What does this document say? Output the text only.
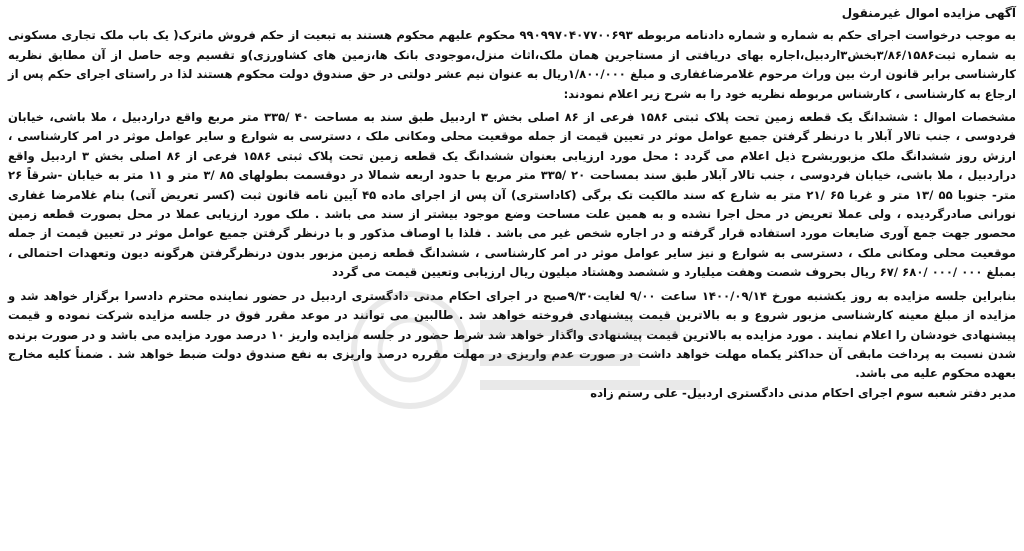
آگهی مزایده اموال غیرمنقول

به موجب درخواست اجرای حکم به شماره و شماره دادنامه مربوطه ۹۹۰۹۹۷۰۴۰۷۷۰۰۶۹۳ محکوم علیهم محکوم هستند به تبعیت از حکم فروش ماترک( یک باب ملک تجاری مسکونی به شماره ثبت۳/۸۶/۱۵۸۶بخش۳اردبیل،اجاره بهای دریافتی از مستاجرین همان ملک،اثاث منزل،موجودی بانک ها،زمین های کشاورزی)و تقسیم وجه حاصل از آن مطابق نظریه کارشناسی برابر قانون ارث بین وراث مرحوم غلامرضاغفاری و مبلغ ۱/۸۰۰/۰۰۰ریال به عنوان نیم عشر دولتی در حق صندوق دولت محکوم هستند لذا در راستای اجرای حکم پس از ارجاع به کارشناسی ، کارشناس مربوطه نظریه خود را به شرح زیر اعلام نمودند:

مشخصات اموال : ششدانگ یک قطعه زمین تحت پلاک ثبتی ۱۵۸۶ فرعی از ۸۶ اصلی بخش ۳ اردبیل طبق سند به مساحت ۴۰ /۳۳۵ متر مربع واقع دراردبیل ، ملا باشی، خیابان فردوسی ، جنب تالار آبلار با درنظر گرفتن جمیع عوامل موثر در تعیین قیمت از جمله موقعیت محلی ومکانی ملک ، دسترسی به شوارع و سایر عوامل موثر در امر کارشناسی ، ارزش روز ششدانگ ملک مزبوربشرح ذیل اعلام می گردد : محل مورد ارزیابی بعنوان ششدانگ یک قطعه زمین تحت پلاک ثبتی ۱۵۸۶ فرعی از ۸۶ اصلی بخش ۳ اردبیل واقع دراردبیل ، ملا باشی، خیابان فردوسی ، جنب تالار آبلار طبق سند بمساحت ۲۰ /۳۳۵ متر مربع با حدود اربعه شمالا در دوقسمت بطولهای ۸۵ /۳ متر و ۱۱ متر به خیابان -شرقاً ۲۶ متر- جنوبا ۵۵ /۱۳ متر و غربا ۶۵ /۲۱ متر به شارع که سند مالکیت تک برگی (کاداستری) آن پس از اجرای ماده ۴۵ آیین نامه قانون ثبت (کسر تعریض آتی) بنام غلامرضا غفاری نورانی صادرگردیده ، ولی عملا تعریض در محل اجرا نشده و به همین علت مساحت وضع موجود بیشتر از سند می باشد . ملک مورد ارزیابی عملا در محل بصورت قطعه زمین محصور جهت جمع آوری ضایعات مورد استفاده قرار گرفته و در اجاره شخص غیر می باشد . فلذا با اوصاف مذکور و با درنظر گرفتن جمیع عوامل موثر در تعیین قیمت از جمله موقعیت محلی ومکانی ملک ، دسترسی به شوارع و نیز سایر عوامل موثر در امر کارشناسی ، ششدانگ قطعه زمین مزبور بدون درنظرگرفتن هرگونه دیون وتعهدات احتمالی ، بمبلغ ۰۰۰ /۰۰۰ /۶۸۰ /۶۷ ریال بحروف شصت وهفت میلیارد و ششصد وهشتاد میلیون ریال ارزیابی وتعیین قیمت می گردد

بنابراین جلسه مزایده به روز یکشنبه مورخ ۱۴۰۰/۰۹/۱۴ ساعت ۹/۰۰ لغایت۹/۳۰صبح در اجرای احکام مدنی دادگستری اردبیل در حضور نماینده محترم دادسرا برگزار خواهد شد و مزایده از مبلغ معینه کارشناسی مزبور شروع و به بالاترین قیمت پیشنهادی فروخته خواهد شد . طالبین می توانند در موعد مقرر فوق در جلسه مزایده شرکت نموده و قیمت پیشنهادی خودشان را اعلام نمایند . مورد مزایده به بالاترین قیمت پیشنهادی واگذار خواهد شد شرط حضور در جلسه مزایده واریز ۱۰ درصد مورد مزایده می باشد و در صورت برنده شدن نسبت به پرداخت مابقی آن حداکثر یکماه مهلت خواهد داشت در صورت عدم واریزی در مهلت مقرره درصد واریزی به نفع صندوق دولت ضبط خواهد شد . ضمناً کلیه مخارج بعهده محکوم علیه می باشد.

مدیر دفتر شعبه سوم اجرای احکام مدنی دادگستری اردبیل- علی رستم زاده
